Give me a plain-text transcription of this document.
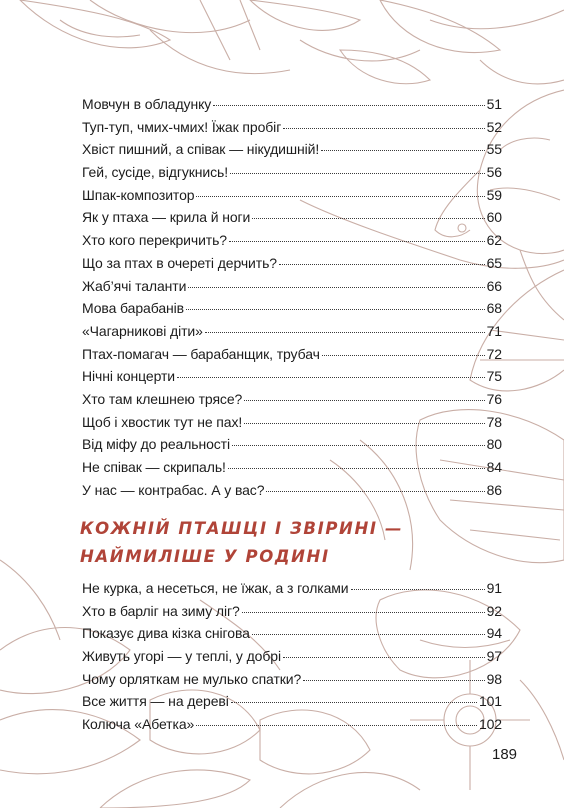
Мовчун в обладунку	51
Туп-туп, чмих-чмих! Їжак пробіг	52
Хвіст пишний, а співак — нікудишній!	55
Гей, сусіде, відгукнись!	56
Шпак-композитор	59
Як у птаха — крила й ноги	60
Хто кого перекричить?	62
Що за птах в очереті дерчить?	65
Жаб’ячі таланти	66
Мова барабанів	68
«Чагарникові діти»	71
Птах-помагач — барабанщик, трубач	72
Нічні концерти	75
Хто там клешнею трясе?	76
Щоб і хвостик тут не пах!	78
Від міфу до реальності	80
Не співак — скрипаль!	84
У нас — контрабас. А у вас?	86
КОЖНІЙ ПТАШЦІ І ЗВІРИНІ —
НАЙМИЛІШЕ У РОДИНІ
Не курка, а несеться, не їжак, а з голками	91
Хто в барліг на зиму ліг?	92
Показує дива кізка снігова	94
Живуть угорі — у теплі, у добрі	97
Чому орляткам не мулько спатки?	98
Все життя — на дереві	101
Колюча «Абетка»	102
189
